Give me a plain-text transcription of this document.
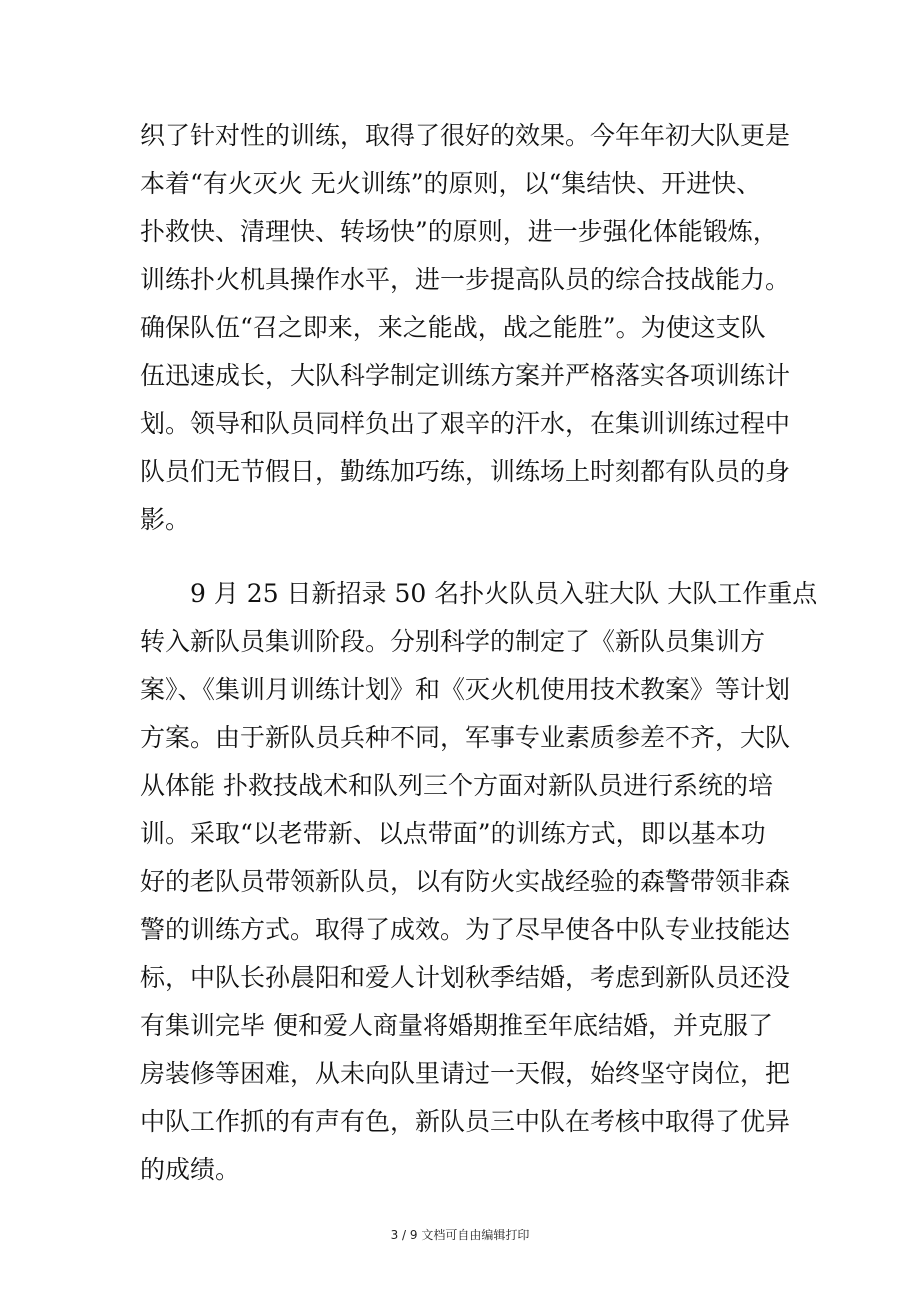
织了针对性的训练，取得了很好的效果。今年年初大队更是
本着“有火灭火 无火训练”的原则，以“集结快、开进快、
扑救快、清理快、转场快”的原则，进一步强化体能锻炼，
训练扑火机具操作水平，进一步提高队员的综合技战能力。
确保队伍“召之即来，来之能战，战之能胜”。为使这支队
伍迅速成长，大队科学制定训练方案并严格落实各项训练计
划。领导和队员同样负出了艰辛的汗水，在集训训练过程中
队员们无节假日，勤练加巧练，训练场上时刻都有队员的身
影。
9 月 25 日新招录 50 名扑火队员入驻大队 大队工作重点
转入新队员集训阶段。分别科学的制定了《新队员集训方
案》、《集训月训练计划》和《灭火机使用技术教案》等计划
方案。由于新队员兵种不同，军事专业素质参差不齐，大队
从体能 扑救技战术和队列三个方面对新队员进行系统的培
训。采取“以老带新、以点带面”的训练方式，即以基本功
好的老队员带领新队员，以有防火实战经验的森警带领非森
警的训练方式。取得了成效。为了尽早使各中队专业技能达
标，中队长孙晨阳和爱人计划秋季结婚，考虑到新队员还没
有集训完毕 便和爱人商量将婚期推至年底结婚，并克服了
房装修等困难，从未向队里请过一天假，始终坚守岗位，把
中队工作抓的有声有色，新队员三中队在考核中取得了优异
的成绩。
3 / 9 文档可自由编辑打印
